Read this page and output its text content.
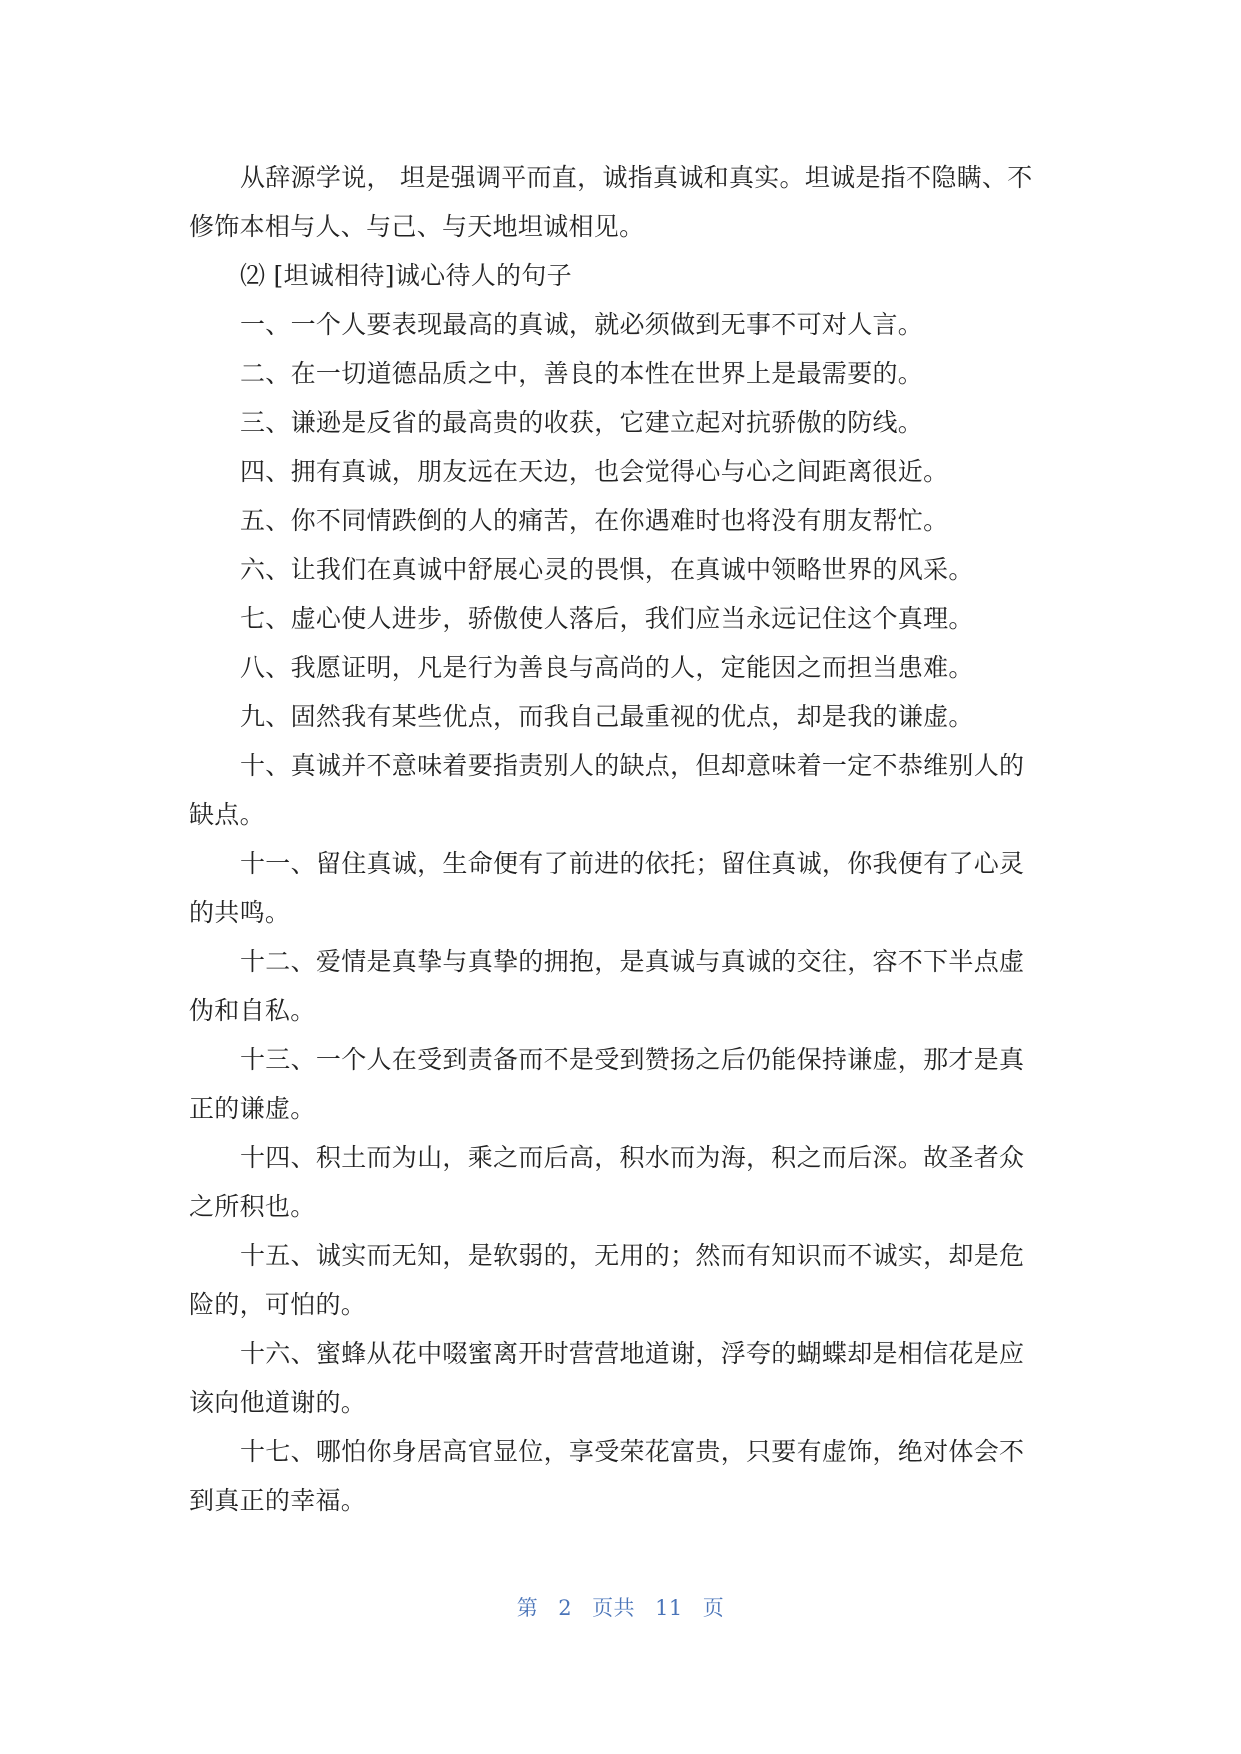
从辞源学说， 坦是强调平而直，诚指真诚和真实。坦诚是指不隐瞒、不修饰本相与人、与己、与天地坦诚相见。

⑵ [坦诚相待]诚心待人的句子

一、一个人要表现最高的真诚，就必须做到无事不可对人言。

二、在一切道德品质之中，善良的本性在世界上是最需要的。

三、谦逊是反省的最高贵的收获，它建立起对抗骄傲的防线。

四、拥有真诚，朋友远在天边，也会觉得心与心之间距离很近。

五、你不同情跌倒的人的痛苦，在你遇难时也将没有朋友帮忙。

六、让我们在真诚中舒展心灵的畏惧，在真诚中领略世界的风采。

七、虚心使人进步，骄傲使人落后，我们应当永远记住这个真理。

八、我愿证明，凡是行为善良与高尚的人，定能因之而担当患难。

九、固然我有某些优点，而我自己最重视的优点，却是我的谦虚。

十、真诚并不意味着要指责别人的缺点，但却意味着一定不恭维别人的缺点。

十一、留住真诚，生命便有了前进的依托；留住真诚，你我便有了心灵的共鸣。

十二、爱情是真挚与真挚的拥抱，是真诚与真诚的交往，容不下半点虚伪和自私。

十三、一个人在受到责备而不是受到赞扬之后仍能保持谦虚，那才是真正的谦虚。

十四、积土而为山，乘之而后高，积水而为海，积之而后深。故圣者众之所积也。

十五、诚实而无知，是软弱的，无用的；然而有知识而不诚实，却是危险的，可怕的。

十六、蜜蜂从花中啜蜜离开时营营地道谢，浮夸的蝴蝶却是相信花是应该向他道谢的。

十七、哪怕你身居高官显位，享受荣花富贵，只要有虚饰，绝对体会不到真正的幸福。

第 2 页共 11 页
